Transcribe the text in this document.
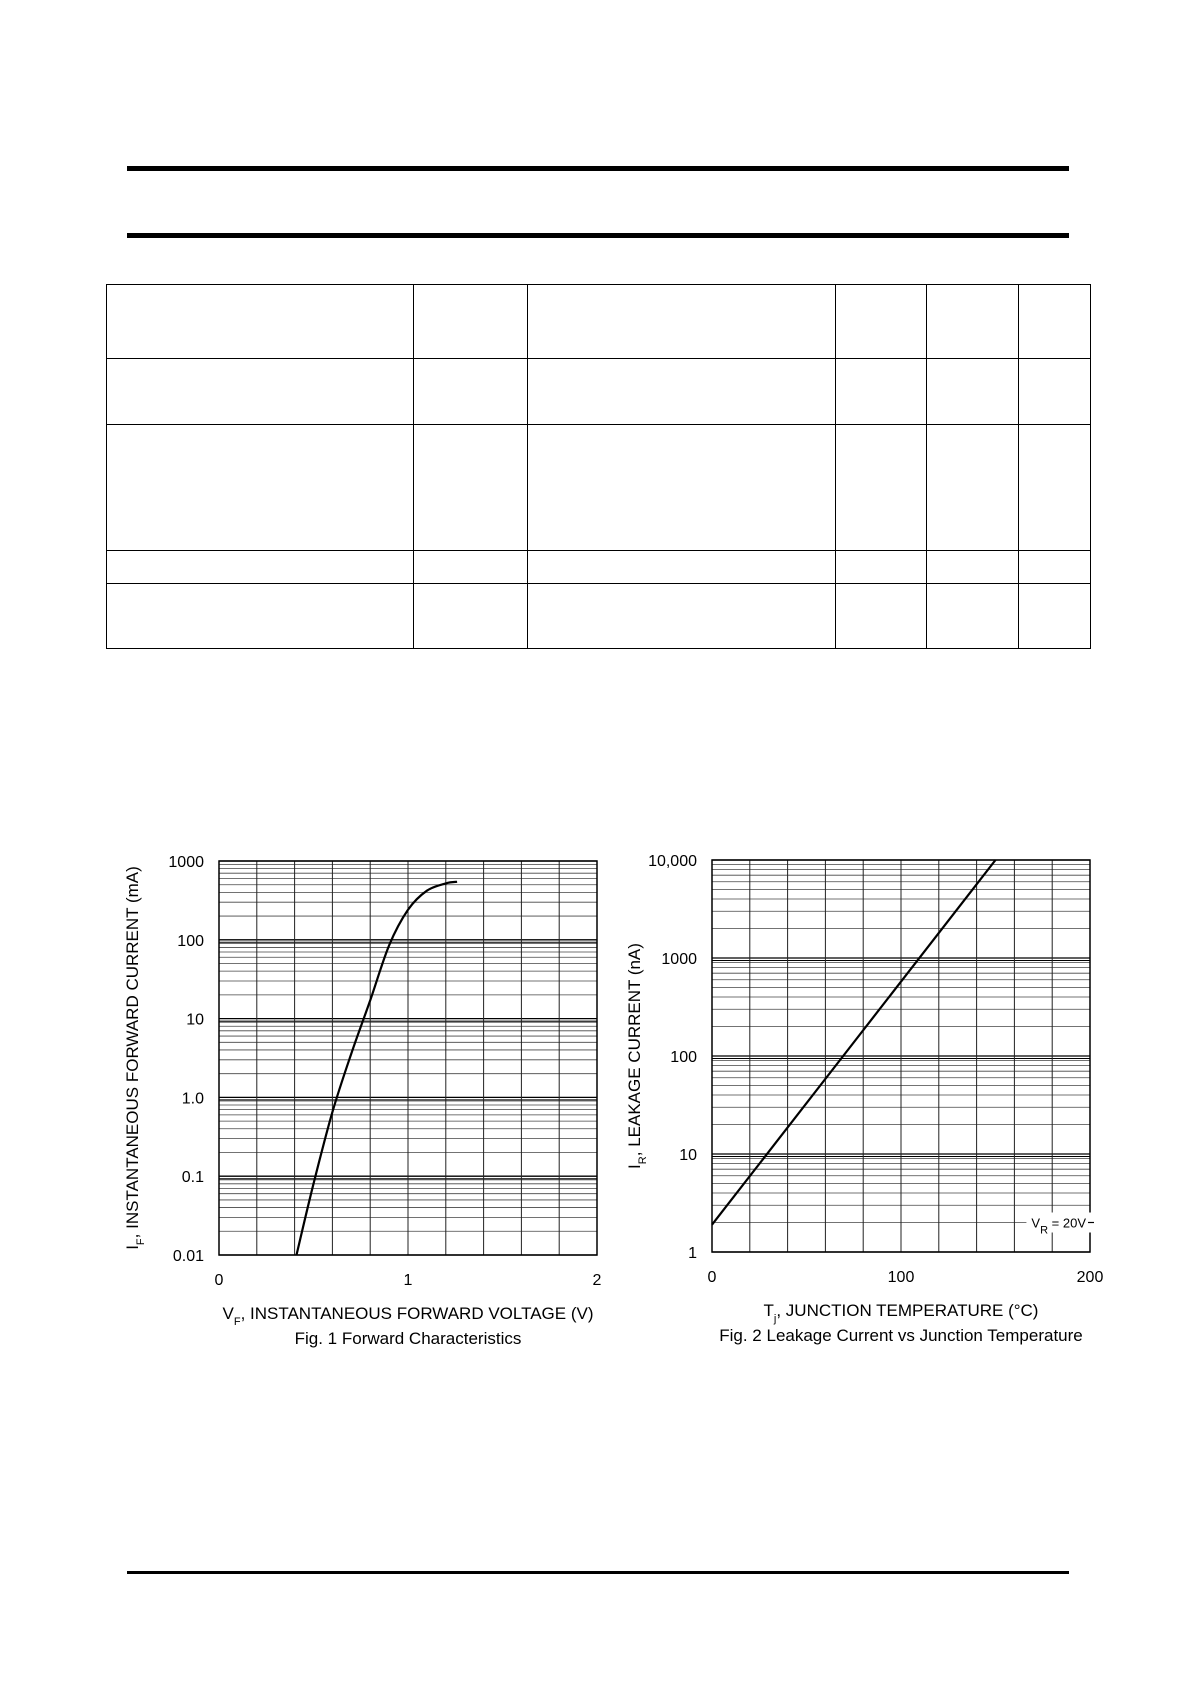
1000
100
10
1.0
0.1
0.01
0	1	2
$V_F$, INSTANTANEOUS FORWARD VOLTAGE (V)
$I_F$, INSTANTANEOUS FORWARD CURRENT (mA)
Fig. 1 Forward Characteristics
10,000
1000
100
10
1
0	100	200
$T_j$, JUNCTION TEMPERATURE (°C)
$I_R$, LEAKAGE CURRENT (nA)
Fig. 2 Leakage Current vs Junction Temperature
$V_R = 20V$
